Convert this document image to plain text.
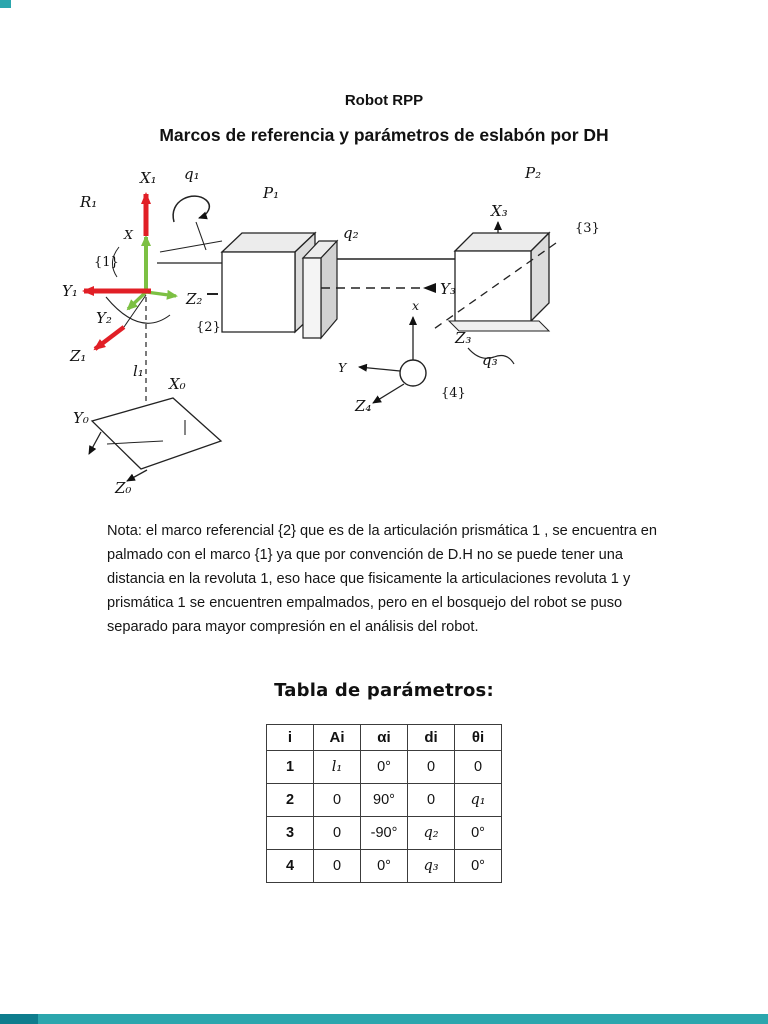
Robot RPP
Marcos de referencia y parámetros de eslabón por DH
R₁
X₁ q₁
P₁
q₂
P₂
X₃
{3}
X
{1}
Y₁	Z₂
{2}
Y₃
x
Y₂
Z₁
l₁
X₀
Z₃
q₃
Y
{4}
Z₄
Y₀
Z₀

Nota: el marco referencial {2} que es de la articulación prismática 1 , se encuentra en palmado con el marco {1} ya que por convención de D.H no se puede tener una distancia en la revoluta 1, eso hace que fisicamente la articulaciones revoluta 1 y prismática 1 se encuentren empalmados, pero en el bosquejo del robot se puso separado para mayor compresión en el análisis del robot.

Tabla de parámetros:
i	Ai	αi	di	θi
1	l₁	0°	0	0
2	0	90°	0	q₁
3	0	-90°	q₂	0°
4	0	0°	q₃	0°
